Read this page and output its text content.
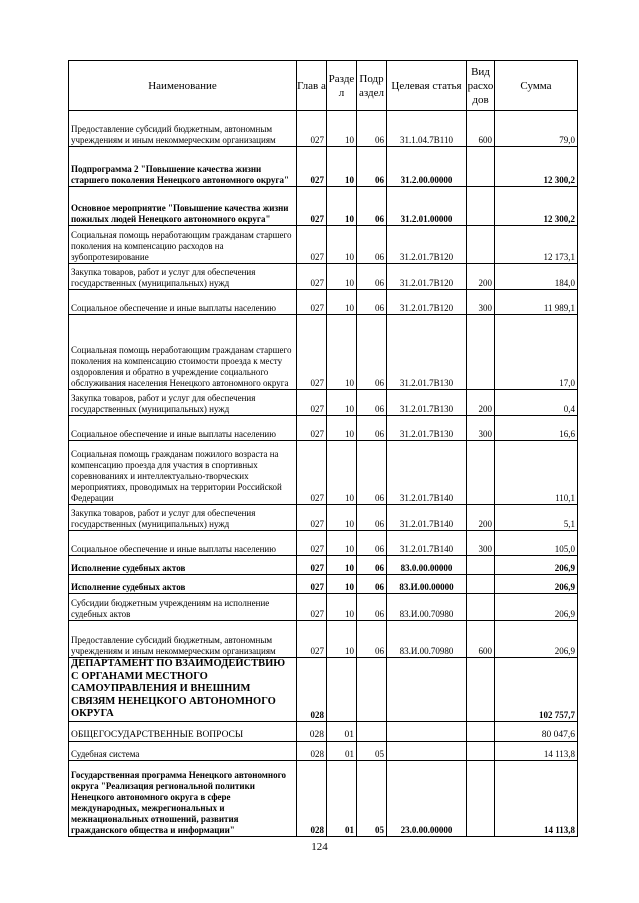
Наименование	Глав а	Разде л	Подр аздел	Целевая статья	Вид расхо дов	Сумма
Предоставление субсидий бюджетным, автономным учреждениям и иным некоммерческим организациям	027	10	06	31.1.04.7В110	600	79,0
Подпрограмма 2 "Повышение качества жизни старшего поколения Ненецкого автономного округа"	027	10	06	31.2.00.00000		12 300,2
Основное мероприятие "Повышение качества жизни пожилых людей Ненецкого автономного округа"	027	10	06	31.2.01.00000		12 300,2
Социальная помощь неработающим гражданам старшего поколения на компенсацию расходов на зубопротезирование	027	10	06	31.2.01.7В120		12 173,1
Закупка товаров, работ и услуг для обеспечения государственных (муниципальных) нужд	027	10	06	31.2.01.7В120	200	184,0
Социальное обеспечение и иные выплаты населению	027	10	06	31.2.01.7В120	300	11 989,1
Социальная помощь неработающим гражданам старшего поколения на компенсацию стоимости проезда к месту оздоровления и обратно в учреждение социального обслуживания населения Ненецкого автономного округа	027	10	06	31.2.01.7В130		17,0
Закупка товаров, работ и услуг для обеспечения государственных (муниципальных) нужд	027	10	06	31.2.01.7В130	200	0,4
Социальное обеспечение и иные выплаты населению	027	10	06	31.2.01.7В130	300	16,6
Социальная помощь гражданам пожилого возраста на компенсацию проезда для участия в спортивных соревнованиях и интеллектуально-творческих мероприятиях, проводимых на территории Российской Федерации	027	10	06	31.2.01.7В140		110,1
Закупка товаров, работ и услуг для обеспечения государственных (муниципальных) нужд	027	10	06	31.2.01.7В140	200	5,1
Социальное обеспечение и иные выплаты населению	027	10	06	31.2.01.7В140	300	105,0
Исполнение судебных актов	027	10	06	83.0.00.00000		206,9
Исполнение судебных актов	027	10	06	83.И.00.00000		206,9
Субсидии бюджетным учреждениям на исполнение судебных актов	027	10	06	83.И.00.70980		206,9
Предоставление субсидий бюджетным, автономным учреждениям и иным некоммерческим организациям	027	10	06	83.И.00.70980	600	206,9
ДЕПАРТАМЕНТ ПО ВЗАИМОДЕЙСТВИЮ С ОРГАНАМИ МЕСТНОГО САМОУПРАВЛЕНИЯ И ВНЕШНИМ СВЯЗЯМ НЕНЕЦКОГО АВТОНОМНОГО ОКРУГА	028					102 757,7
ОБЩЕГОСУДАРСТВЕННЫЕ ВОПРОСЫ	028	01				80 047,6
Судебная система	028	01	05			14 113,8
Государственная программа Ненецкого автономного округа "Реализация региональной политики Ненецкого автономного округа в сфере международных, межрегиональных и межнациональных отношений, развития гражданского общества и информации"	028	01	05	23.0.00.00000		14 113,8
124
